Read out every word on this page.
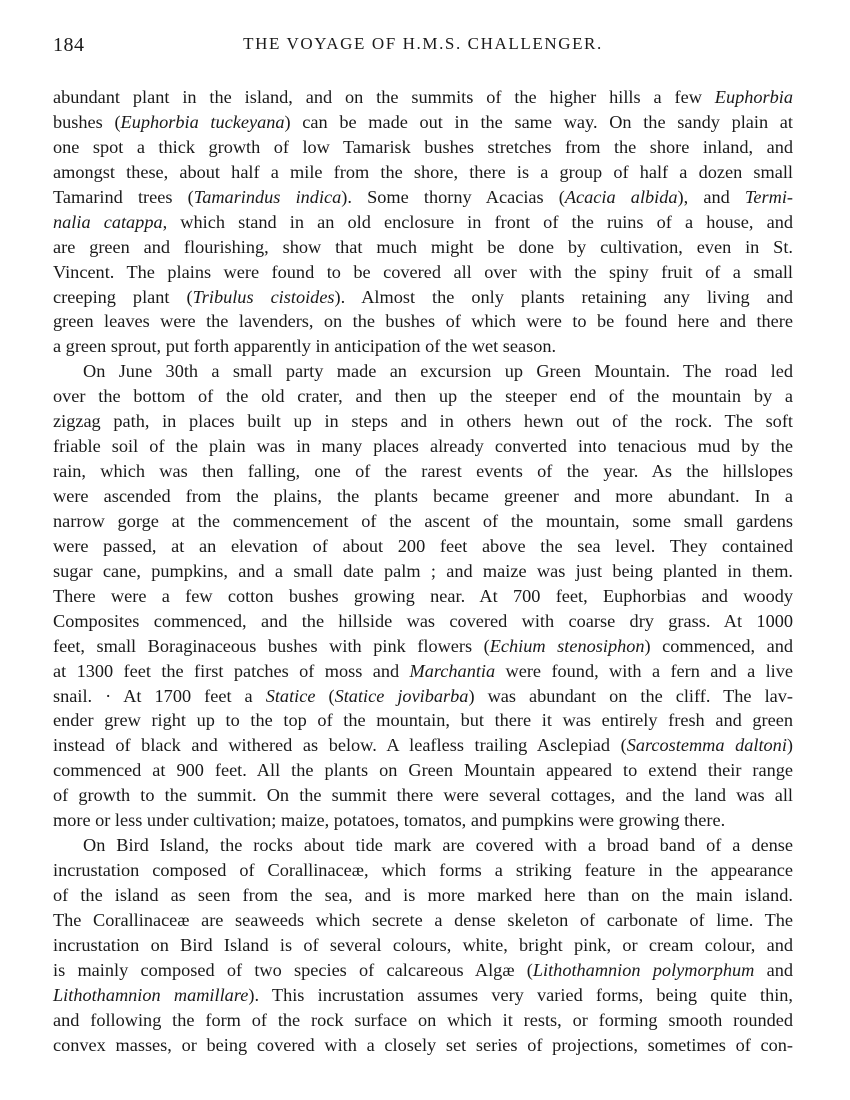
184	THE VOYAGE OF H.M.S. CHALLENGER.
abundant plant in the island, and on the summits of the higher hills a few Euphorbia
bushes (Euphorbia tuckeyana) can be made out in the same way. On the sandy plain at
one spot a thick growth of low Tamarisk bushes stretches from the shore inland, and
amongst these, about half a mile from the shore, there is a group of half a dozen small
Tamarind trees (Tamarindus indica). Some thorny Acacias (Acacia albida), and Termi-
nalia catappa, which stand in an old enclosure in front of the ruins of a house, and
are green and flourishing, show that much might be done by cultivation, even in St.
Vincent. The plains were found to be covered all over with the spiny fruit of a small
creeping plant (Tribulus cistoides). Almost the only plants retaining any living and
green leaves were the lavenders, on the bushes of which were to be found here and there
a green sprout, put forth apparently in anticipation of the wet season.
On June 30th a small party made an excursion up Green Mountain. The road led
over the bottom of the old crater, and then up the steeper end of the mountain by a
zigzag path, in places built up in steps and in others hewn out of the rock. The soft
friable soil of the plain was in many places already converted into tenacious mud by the
rain, which was then falling, one of the rarest events of the year. As the hillslopes
were ascended from the plains, the plants became greener and more abundant. In a
narrow gorge at the commencement of the ascent of the mountain, some small gardens
were passed, at an elevation of about 200 feet above the sea level. They contained
sugar cane, pumpkins, and a small date palm ; and maize was just being planted in them.
There were a few cotton bushes growing near. At 700 feet, Euphorbias and woody
Composites commenced, and the hillside was covered with coarse dry grass. At 1000
feet, small Boraginaceous bushes with pink flowers (Echium stenosiphon) commenced, and
at 1300 feet the first patches of moss and Marchantia were found, with a fern and a live
snail. · At 1700 feet a Statice (Statice jovibarba) was abundant on the cliff. The lav-
ender grew right up to the top of the mountain, but there it was entirely fresh and green
instead of black and withered as below. A leafless trailing Asclepiad (Sarcostemma daltoni)
commenced at 900 feet. All the plants on Green Mountain appeared to extend their range
of growth to the summit. On the summit there were several cottages, and the land was all
more or less under cultivation; maize, potatoes, tomatos, and pumpkins were growing there.
On Bird Island, the rocks about tide mark are covered with a broad band of a dense
incrustation composed of Corallinaceæ, which forms a striking feature in the appearance
of the island as seen from the sea, and is more marked here than on the main island.
The Corallinaceæ are seaweeds which secrete a dense skeleton of carbonate of lime. The
incrustation on Bird Island is of several colours, white, bright pink, or cream colour, and
is mainly composed of two species of calcareous Algæ (Lithothamnion polymorphum and
Lithothamnion mamillare). This incrustation assumes very varied forms, being quite thin,
and following the form of the rock surface on which it rests, or forming smooth rounded
convex masses, or being covered with a closely set series of projections, sometimes of con-
